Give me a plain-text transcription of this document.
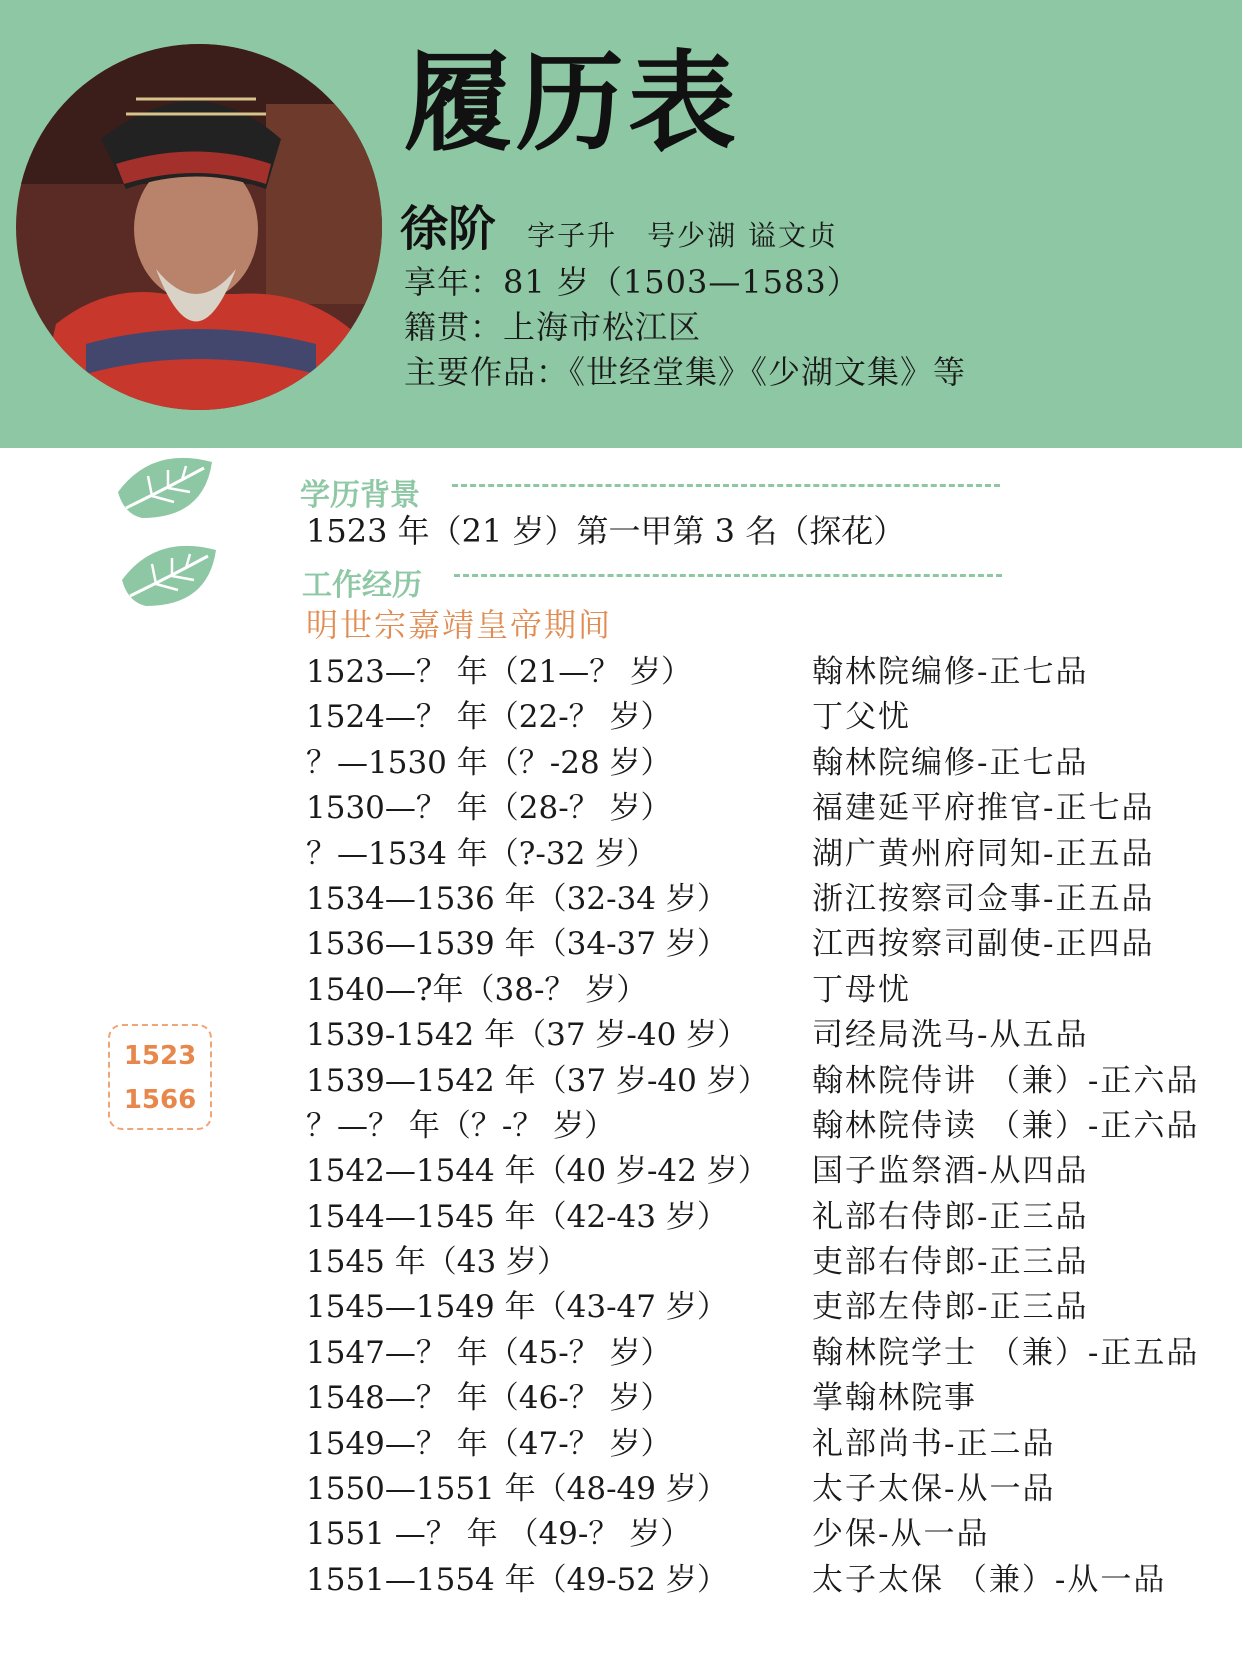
履历表
徐阶 字子升　号少湖 谥文贞
享年：81 岁（1503—1583）
籍贯：上海市松江区
主要作品：《世经堂集》《少湖文集》等
学历背景
1523 年（21 岁）第一甲第 3 名（探花）
工作经历
明世宗嘉靖皇帝期间
1523—？ 年（21—？ 岁）	翰林院编修-正七品
1524—？ 年（22-？ 岁）	丁父忧
？—1530 年（？-28 岁）	翰林院编修-正七品
1530—？ 年（28-？ 岁）	福建延平府推官-正七品
？—1534 年（?-32 岁）	湖广黄州府同知-正五品
1534—1536 年（32-34 岁）	浙江按察司佥事-正五品
1536—1539 年（34-37 岁）	江西按察司副使-正四品
1540—?年（38-？ 岁）	丁母忧
1539-1542 年（37 岁-40 岁） 司经局洗马-从五品
1539—1542 年（37 岁-40 岁） 翰林院侍讲 （兼）-正六品
？—？ 年（？-？ 岁）	翰林院侍读 （兼）-正六品
1542—1544 年（40 岁-42 岁） 国子监祭酒-从四品
1544—1545 年（42-43 岁）	礼部右侍郎-正三品
1545 年（43 岁）	吏部右侍郎-正三品
1545—1549 年（43-47 岁）	吏部左侍郎-正三品
1547—？ 年（45-？ 岁）	翰林院学士 （兼）-正五品
1548—？ 年（46-？ 岁）	掌翰林院事
1549—？ 年（47-？ 岁）	礼部尚书-正二品
1550—1551 年（48-49 岁）	太子太保-从一品
1551 —？ 年 （49-？ 岁）	少保-从一品
1551—1554 年（49-52 岁）	太子太保 （兼）-从一品
1523
1566
